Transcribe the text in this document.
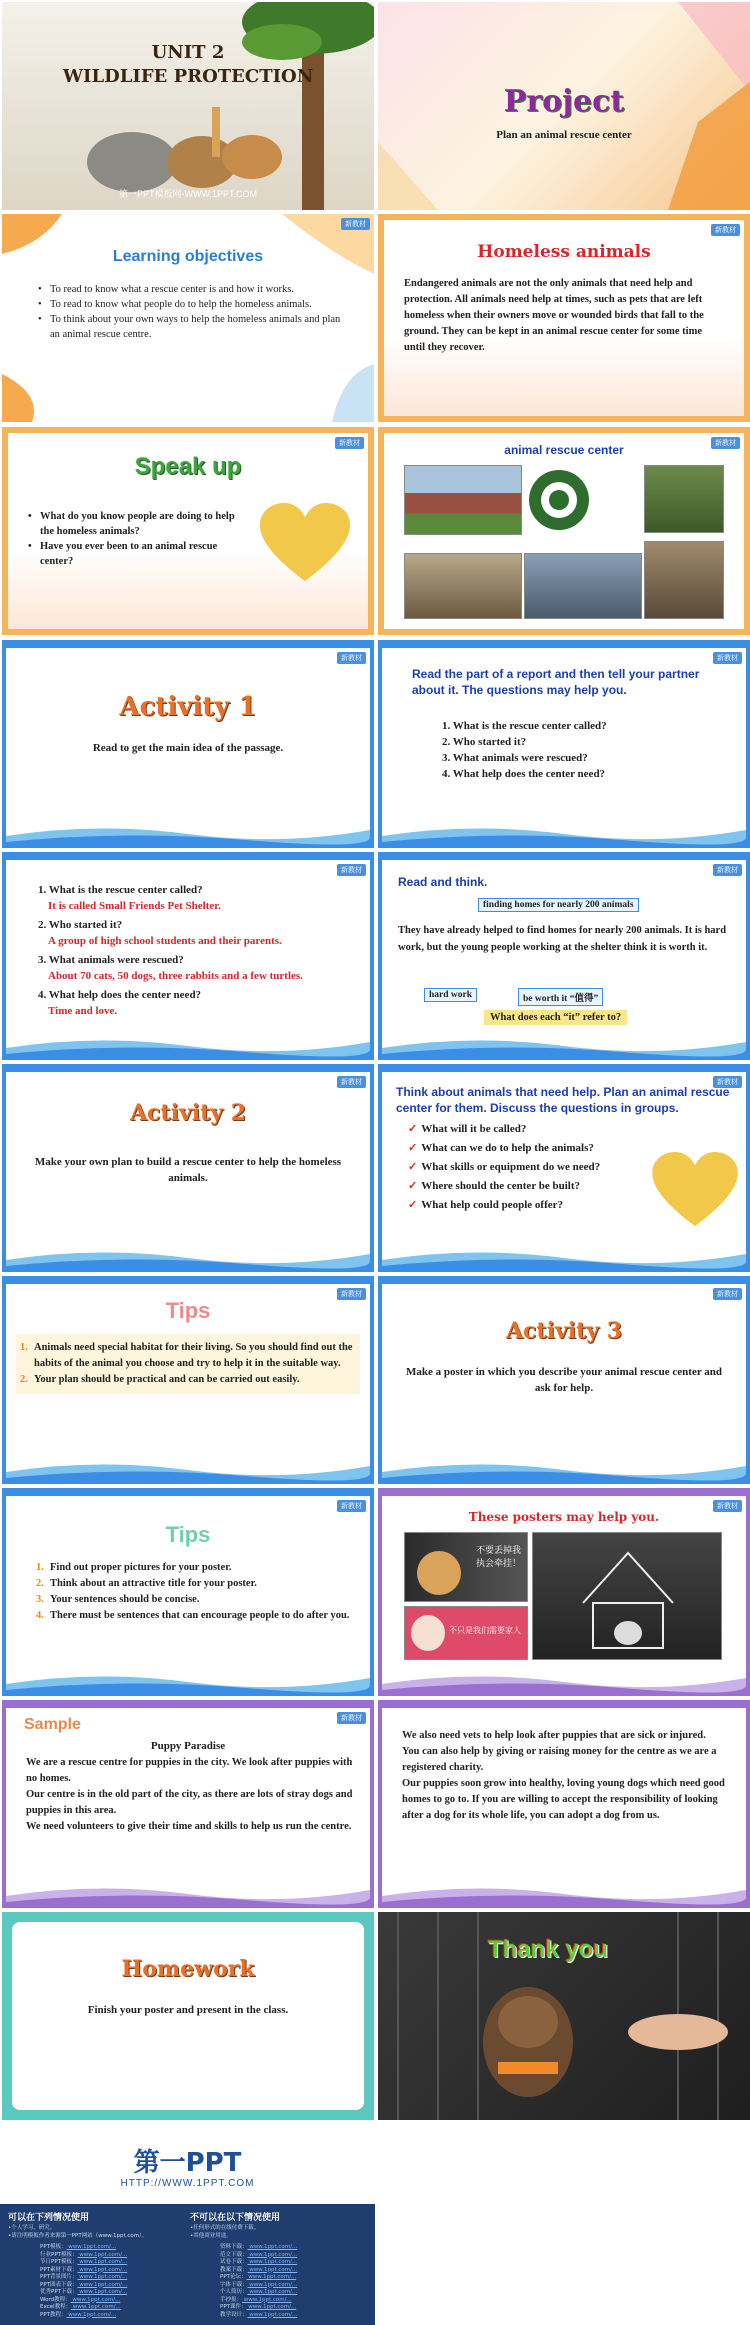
UNIT 2
WILDLIFE PROTECTION
第一PPT模板网-WWW.1PPT.COM
Project
Plan an animal rescue center
新教材
Learning objectives
• To read to know what a rescue center is and how it works.
• To read to know what people do to help the homeless animals.
• To think about your own ways to help the homeless animals and plan an animal rescue centre.
新教材
Homeless animals
Endangered animals are not the only animals that need help and protection. All animals need help at times, such as pets that are left homeless when their owners move or wounded birds that fall to the ground. They can be kept in an animal rescue center for some time until they recover.
新教材
Speak up
• What do you know people are doing to help the homeless animals?
• Have you ever been to an animal rescue center?
新教材
animal rescue center
新教材
Activity 1
Read to get the main idea of the passage.
新教材
Read the part of a report and then tell your partner about it. The questions may help you.
1. What is the rescue center called?
2. Who started it?
3. What animals were rescued?
4. What help does the center need?
新教材
1. What is the rescue center called?
It is called Small Friends Pet Shelter.
2. Who started it?
A group of high school students and their parents.
3. What animals were rescued?
About 70 cats, 50 dogs, three rabbits and a few turtles.
4. What help does the center need?
Time and love.
新教材
Read and think.
finding homes for nearly 200 animals
They have already helped to find homes for nearly 200 animals. It is hard work, but the young people working at the shelter think it is worth it.
hard work	be worth it “值得”
What does each “it” refer to?
新教材
Activity 2
Make your own plan to build a rescue center to help the homeless animals.
新教材
Think about animals that need help. Plan an animal rescue center for them. Discuss the questions in groups.
✓ What will it be called?
✓ What can we do to help the animals?
✓ What skills or equipment do we need?
✓ Where should the center be built?
✓ What help could people offer?
新教材
Tips
1. Animals need special habitat for their living. So you should find out the habits of the animal you choose and try to help it in the suitable way.
2. Your plan should be practical and can be carried out easily.
新教材
Activity 3
Make a poster in which you describe your animal rescue center and ask for help.
新教材
Tips
1. Find out proper pictures for your poster.
2. Think about an attractive title for your poster.
3. Your sentences should be concise.
4. There must be sentences that can encourage people to do after you.
新教材
These posters may help you.
不要丢掉我
执会牵挂！
不只是我们需要家人
新教材
Sample
Puppy Paradise
We are a rescue centre for puppies in the city. We look after puppies with no homes.
Our centre is in the old part of the city, as there are lots of stray dogs and puppies in this area.
We need volunteers to give their time and skills to help us run the centre.
We also need vets to help look after puppies that are sick or injured.
You can also help by giving or raising money for the centre as we are a registered charity.
Our puppies soon grow into healthy, loving young dogs which need good homes to go to. If you are willing to accept the responsibility of looking after a dog for its whole life, you can adopt a dog from us.
Homework
Finish your poster and present in the class.
Thank you
第一PPT
HTTP://WWW.1PPT.COM
可以在下列情况使用
•个人学习、研究。
•请注明模板作者来源第一PPT网站（www.1ppt.com）。
不可以在以下情况使用
•任何形式的在线付费下载。
•其他商业用途。
PPT模板： www.1ppt.com/...
行业PPT模板： www.1ppt.com/...
节日PPT模板： www.1ppt.com/...
PPT素材下载： www.1ppt.com/...
PPT背景图片： www.1ppt.com/...
PPT图表下载： www.1ppt.com/...
优秀PPT下载： www.1ppt.com/...
Word教程： www.1ppt.com/...
Excel教程： www.1ppt.com/...
PPT教程： www.1ppt.com/...
资料下载： www.1ppt.com/...
范文下载： www.1ppt.com/...
试卷下载： www.1ppt.com/...
教案下载： www.1ppt.com/...
PPT论坛： www.1ppt.com/...
字体下载： www.1ppt.com/...
个人简历： www.1ppt.com/...
手抄报： www.1ppt.com/...
PPT课件： www.1ppt.com/...
教学设计： www.1ppt.com/...
